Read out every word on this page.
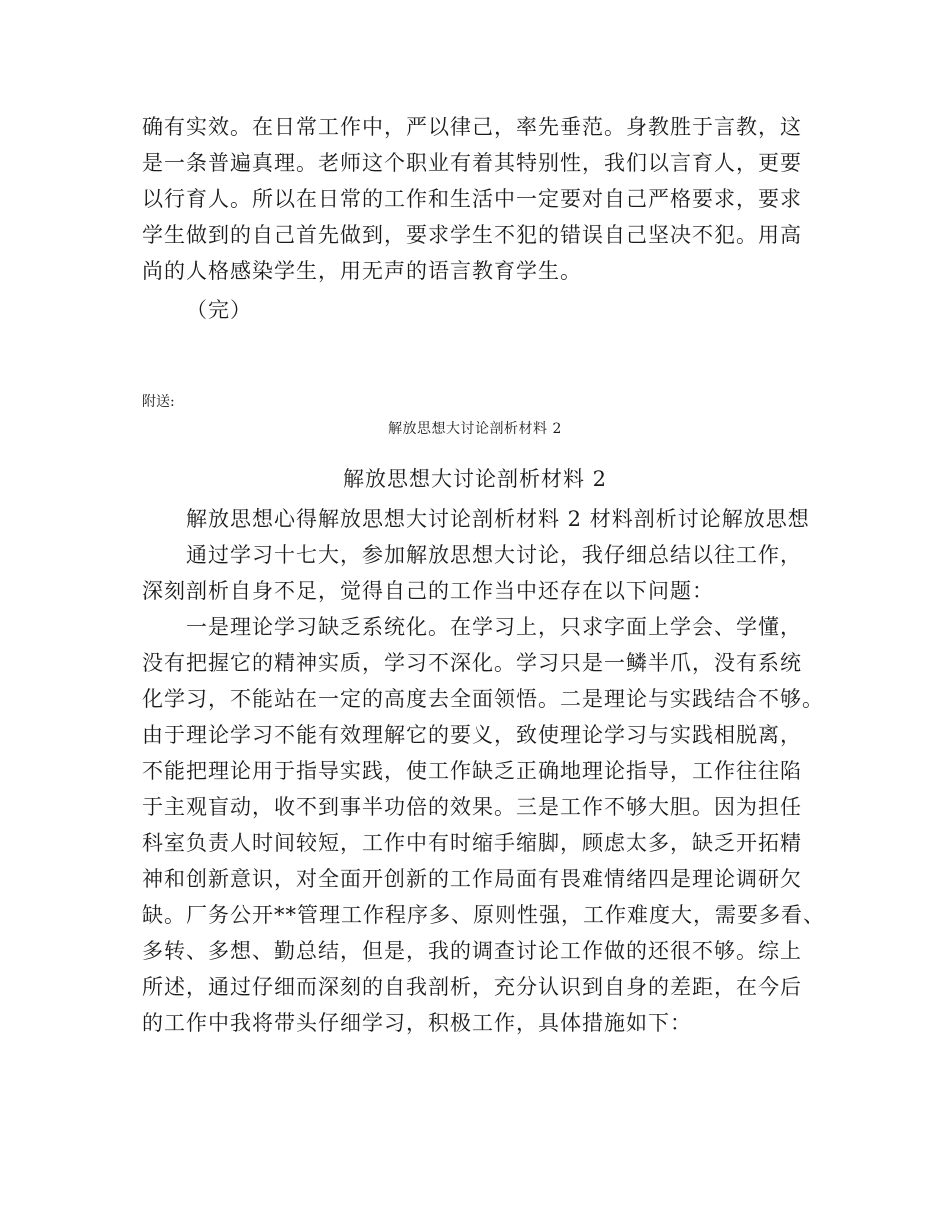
确有实效。在日常工作中，严以律己，率先垂范。身教胜于言教，这
是一条普遍真理。老师这个职业有着其特别性，我们以言育人，更要
以行育人。所以在日常的工作和生活中一定要对自己严格要求，要求
学生做到的自己首先做到，要求学生不犯的错误自己坚决不犯。用高
尚的人格感染学生，用无声的语言教育学生。
（完）
附送:
解放思想大讨论剖析材料 2
解放思想大讨论剖析材料 2
解放思想心得解放思想大讨论剖析材料 2 材料剖析讨论解放思想
通过学习十七大，参加解放思想大讨论，我仔细总结以往工作，
深刻剖析自身不足，觉得自己的工作当中还存在以下问题：
一是理论学习缺乏系统化。在学习上，只求字面上学会、学懂，
没有把握它的精神实质，学习不深化。学习只是一鳞半爪，没有系统
化学习，不能站在一定的高度去全面领悟。二是理论与实践结合不够。
由于理论学习不能有效理解它的要义，致使理论学习与实践相脱离，
不能把理论用于指导实践，使工作缺乏正确地理论指导，工作往往陷
于主观盲动，收不到事半功倍的效果。三是工作不够大胆。因为担任
科室负责人时间较短，工作中有时缩手缩脚，顾虑太多，缺乏开拓精
神和创新意识，对全面开创新的工作局面有畏难情绪四是理论调研欠
缺。厂务公开**管理工作程序多、原则性强，工作难度大，需要多看、
多转、多想、勤总结，但是，我的调查讨论工作做的还很不够。综上
所述，通过仔细而深刻的自我剖析，充分认识到自身的差距，在今后
的工作中我将带头仔细学习，积极工作，具体措施如下：
